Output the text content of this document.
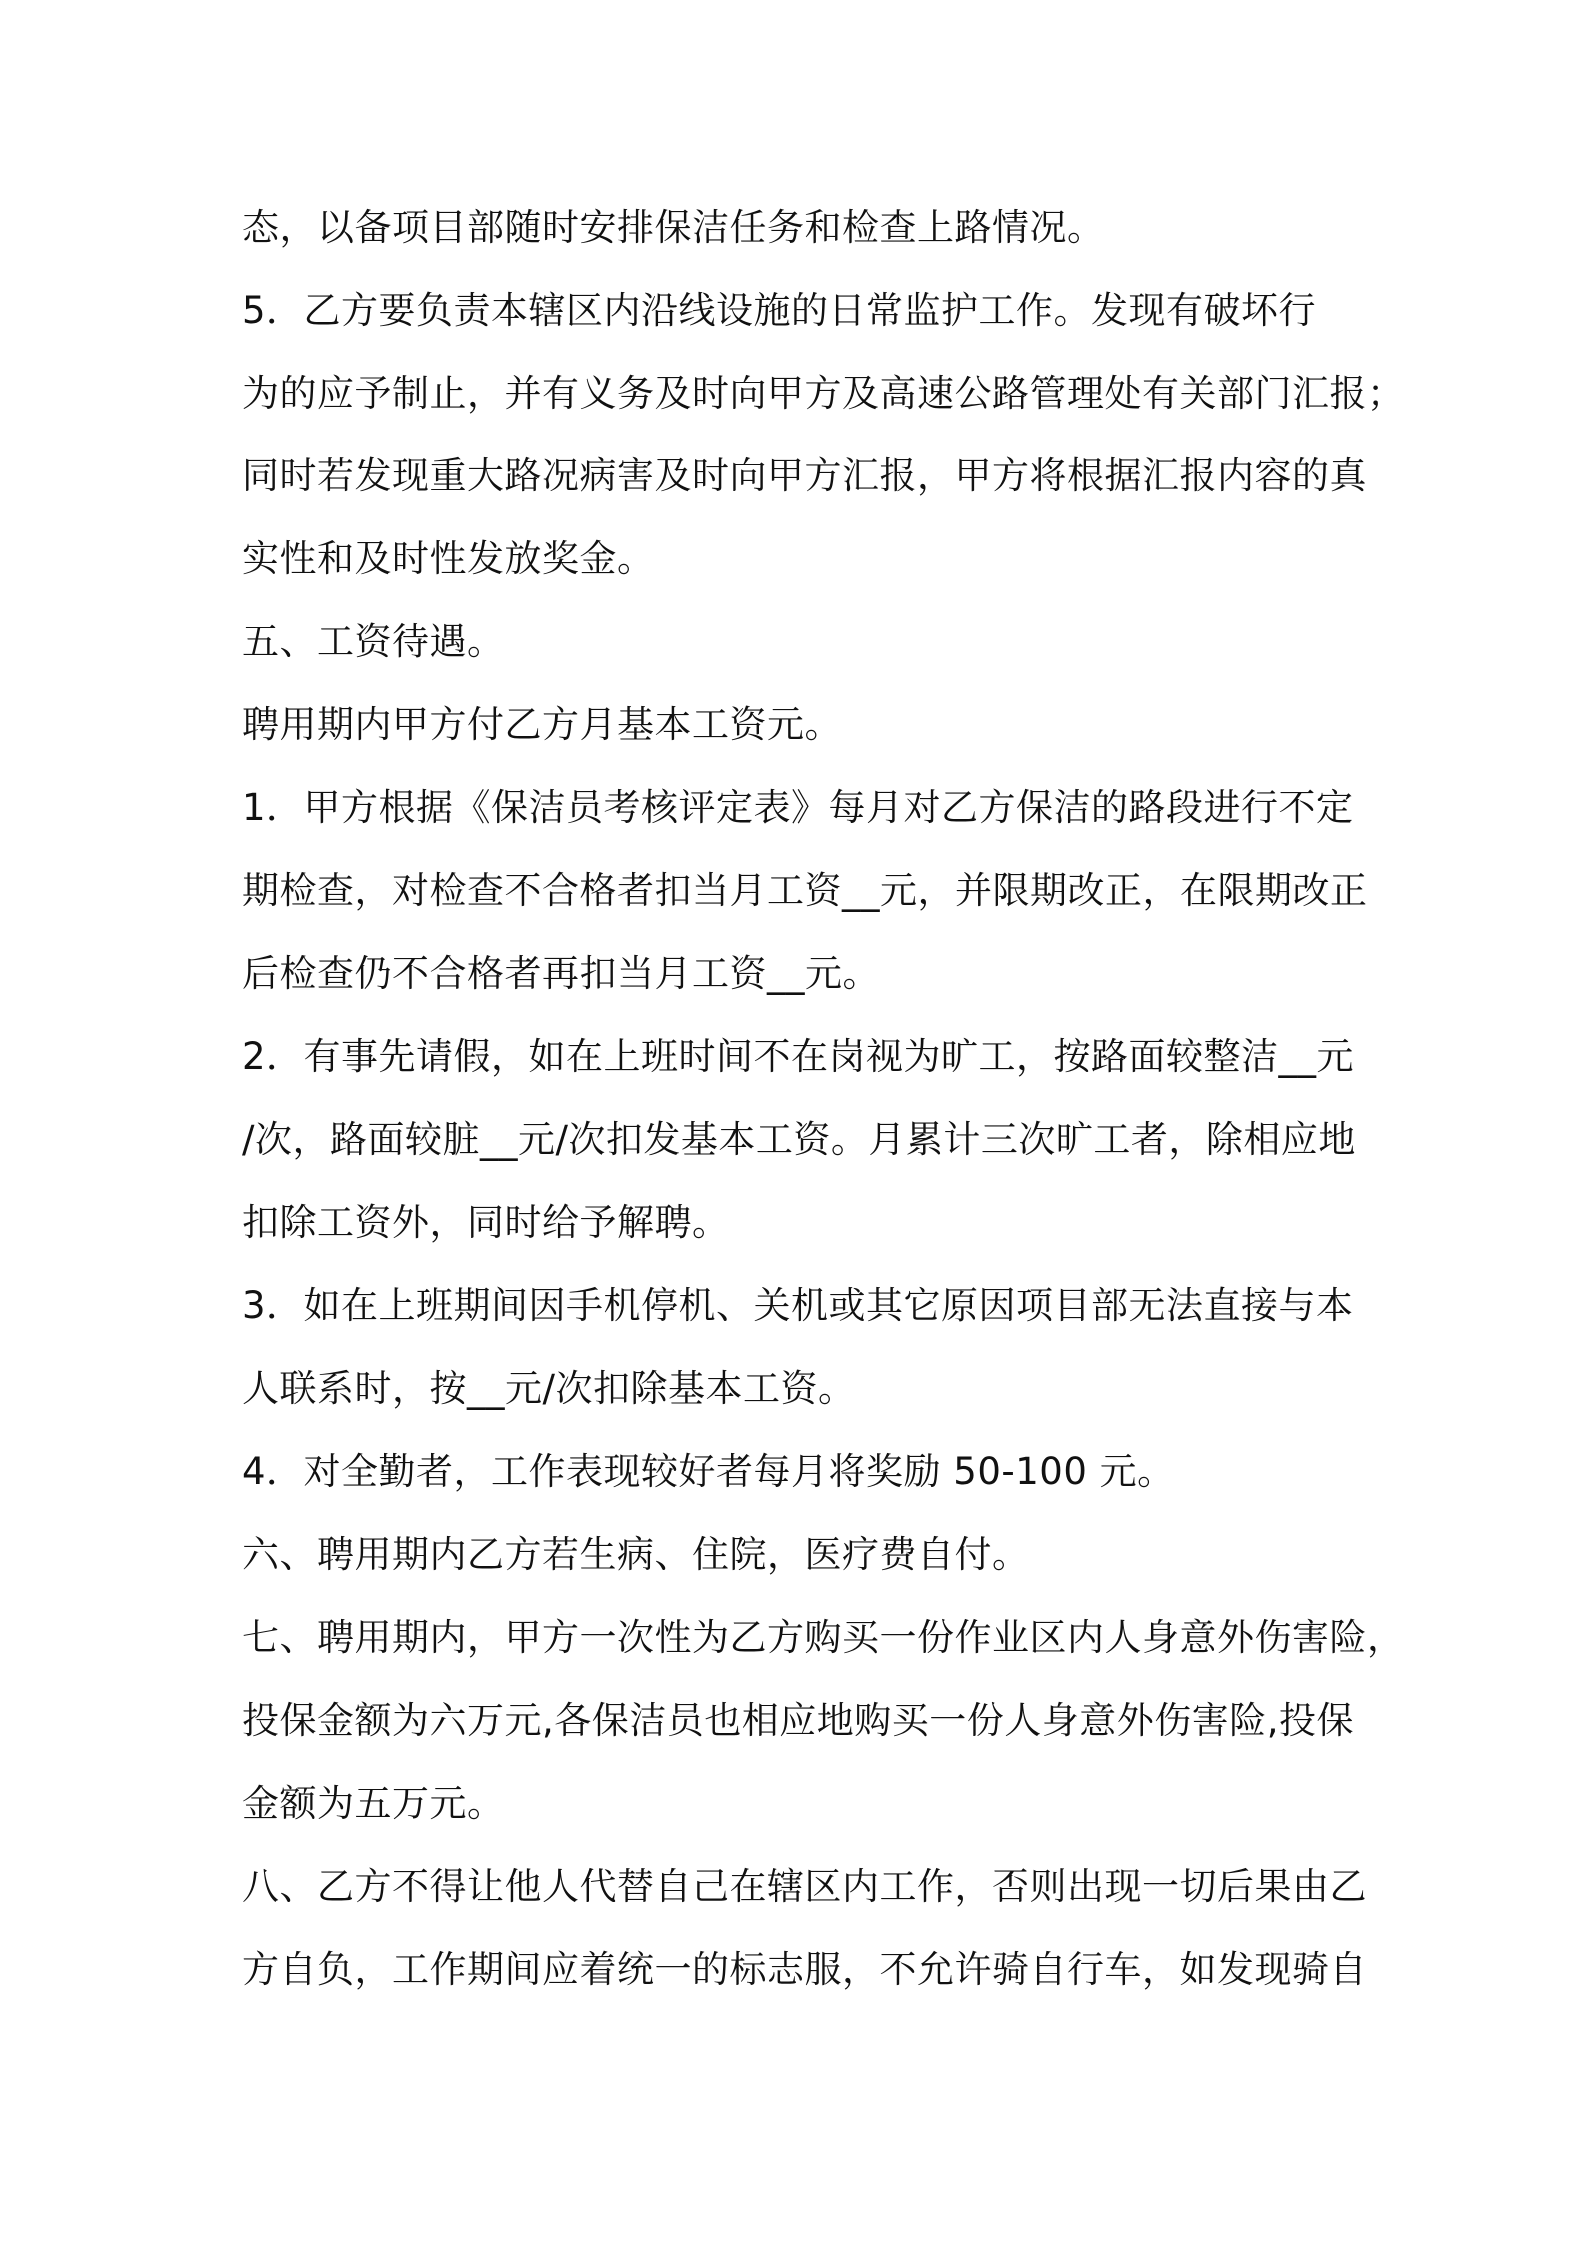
态，以备项目部随时安排保洁任务和检查上路情况。
5．乙方要负责本辖区内沿线设施的日常监护工作。发现有破坏行
为的应予制止，并有义务及时向甲方及高速公路管理处有关部门汇报；
同时若发现重大路况病害及时向甲方汇报，甲方将根据汇报内容的真
实性和及时性发放奖金。
五、工资待遇。
聘用期内甲方付乙方月基本工资元。
1．甲方根据《保洁员考核评定表》每月对乙方保洁的路段进行不定
期检查，对检查不合格者扣当月工资__元，并限期改正，在限期改正
后检查仍不合格者再扣当月工资__元。
2．有事先请假，如在上班时间不在岗视为旷工，按路面较整洁__元
/次，路面较脏__元/次扣发基本工资。月累计三次旷工者，除相应地
扣除工资外，同时给予解聘。
3．如在上班期间因手机停机、关机或其它原因项目部无法直接与本
人联系时，按__元/次扣除基本工资。
4．对全勤者，工作表现较好者每月将奖励 50-100 元。
六、聘用期内乙方若生病、住院，医疗费自付。
七、聘用期内，甲方一次性为乙方购买一份作业区内人身意外伤害险，
投保金额为六万元,各保洁员也相应地购买一份人身意外伤害险,投保
金额为五万元。
八、乙方不得让他人代替自己在辖区内工作，否则出现一切后果由乙
方自负，工作期间应着统一的标志服，不允许骑自行车，如发现骑自
